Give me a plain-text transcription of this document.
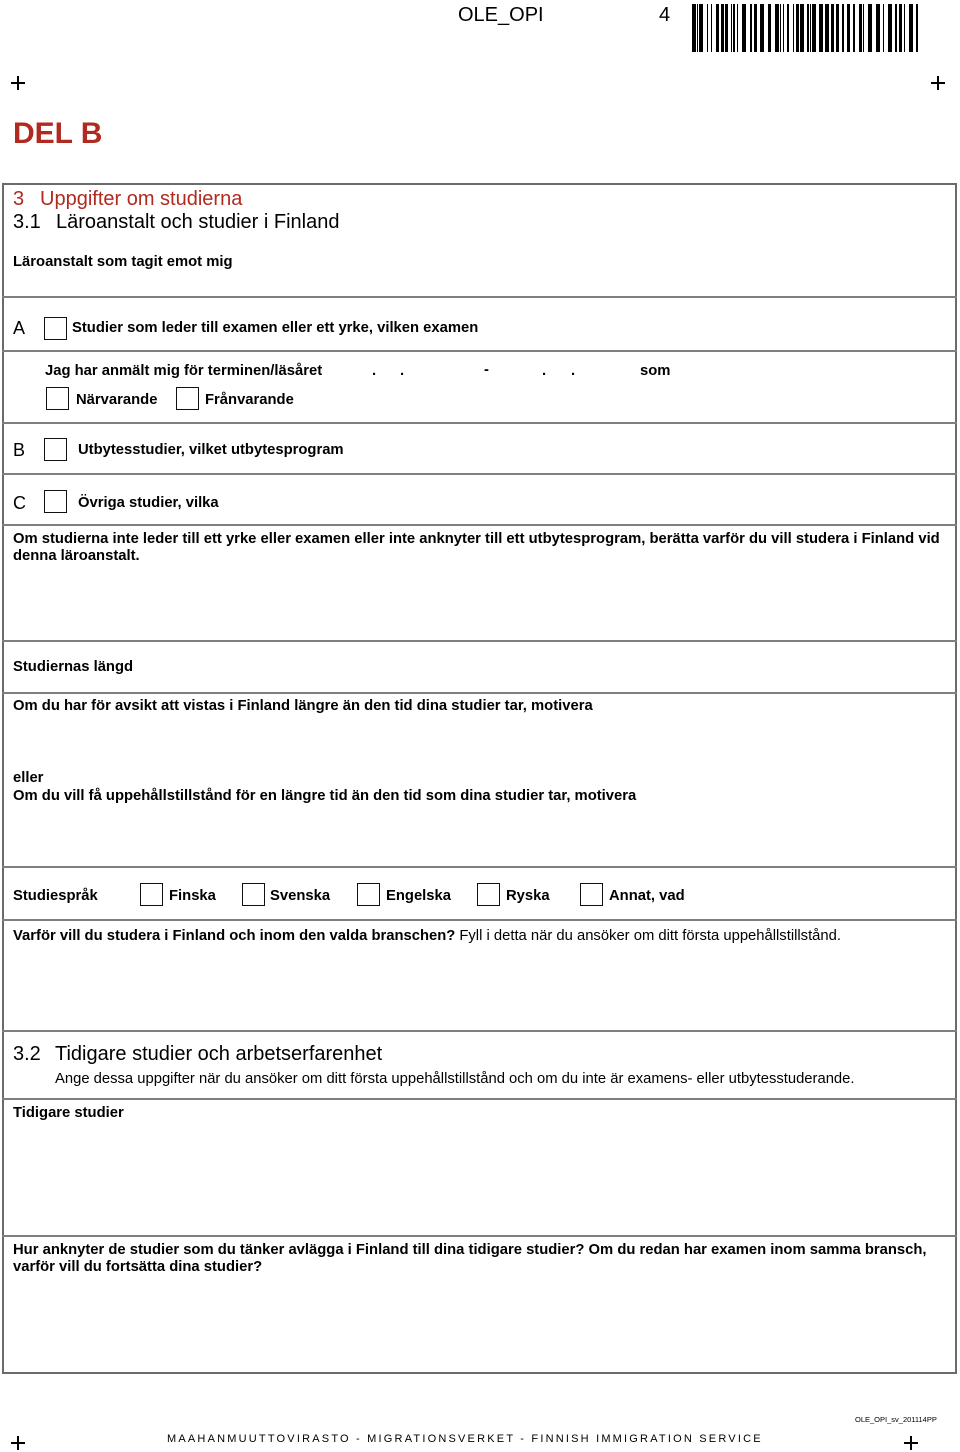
OLE_OPI	4
DEL B
3 Uppgifter om studierna
3.1 Läroanstalt och studier i Finland
Läroanstalt som tagit emot mig
A	Studier som leder till examen eller ett yrke, vilken examen
Jag har anmält mig för terminen/läsåret	. .	-	. .	som
Närvarande	Frånvarande
B	Utbytesstudier, vilket utbytesprogram
C	Övriga studier, vilka
Om studierna inte leder till ett yrke eller examen eller inte anknyter till ett utbytesprogram, berätta varför du vill studera i Finland vid denna läroanstalt.
Studiernas längd
Om du har för avsikt att vistas i Finland längre än den tid dina studier tar, motivera
eller
Om du vill få uppehållstillstånd för en längre tid än den tid som dina studier tar, motivera
Studiespråk	Finska	Svenska	Engelska	Ryska	Annat, vad
Varför vill du studera i Finland och inom den valda branschen? Fyll i detta när du ansöker om ditt första uppehållstillstånd.
3.2 Tidigare studier och arbetserfarenhet
Ange dessa uppgifter när du ansöker om ditt första uppehållstillstånd och om du inte är examens- eller utbytesstuderande.
Tidigare studier
Hur anknyter de studier som du tänker avlägga i Finland till dina tidigare studier? Om du redan har examen inom samma bransch, varför vill du fortsätta dina studier?
OLE_OPI_sv_201114PP
MAAHANMUUTTOVIRASTO - MIGRATIONSVERKET - FINNISH IMMIGRATION SERVICE
